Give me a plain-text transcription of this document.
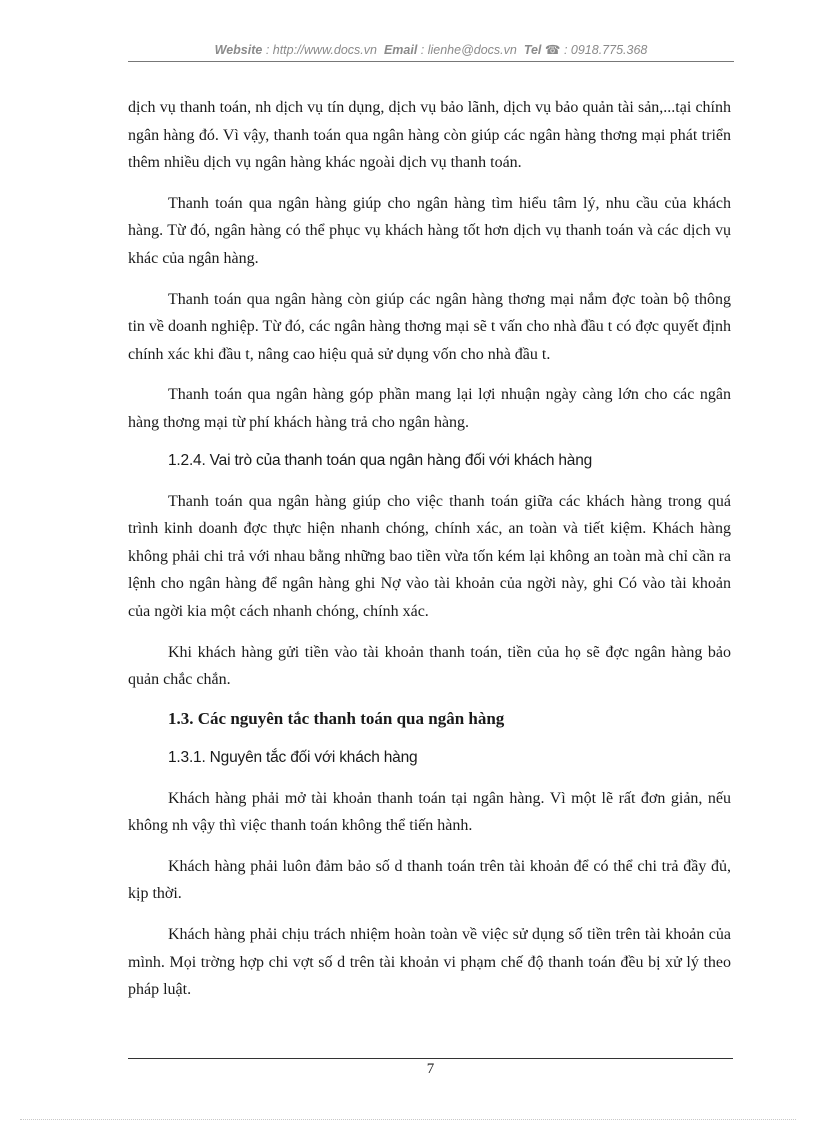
Website : http://www.docs.vn Email : lienhe@docs.vn Tel ☎ : 0918.775.368

dịch vụ thanh toán, nh dịch vụ tín dụng, dịch vụ bảo lãnh, dịch vụ bảo quản tài sản,...tại chính ngân hàng đó. Vì vậy, thanh toán qua ngân hàng còn giúp các ngân hàng thơng mại phát triển thêm nhiều dịch vụ ngân hàng khác ngoài dịch vụ thanh toán.

Thanh toán qua ngân hàng giúp cho ngân hàng tìm hiểu tâm lý, nhu cầu của khách hàng. Từ đó, ngân hàng có thể phục vụ khách hàng tốt hơn dịch vụ thanh toán và các dịch vụ khác của ngân hàng.

Thanh toán qua ngân hàng còn giúp các ngân hàng thơng mại nắm đợc toàn bộ thông tin về doanh nghiệp. Từ đó, các ngân hàng thơng mại sẽ t vấn cho nhà đầu t có đợc quyết định chính xác khi đầu t, nâng cao hiệu quả sử dụng vốn cho nhà đầu t.

Thanh toán qua ngân hàng góp phần mang lại lợi nhuận ngày càng lớn cho các ngân hàng thơng mại từ phí khách hàng trả cho ngân hàng.

1.2.4. Vai trò của thanh toán qua ngân hàng đối với khách hàng

Thanh toán qua ngân hàng giúp cho việc thanh toán giữa các khách hàng trong quá trình kinh doanh đợc thực hiện nhanh chóng, chính xác, an toàn và tiết kiệm. Khách hàng không phải chi trả với nhau bằng những bao tiền vừa tốn kém lại không an toàn mà chỉ cần ra lệnh cho ngân hàng để ngân hàng ghi Nợ vào tài khoản của ngời này, ghi Có vào tài khoản của ngời kia một cách nhanh chóng, chính xác.

Khi khách hàng gửi tiền vào tài khoản thanh toán, tiền của họ sẽ đợc ngân hàng bảo quản chắc chắn.

1.3. Các nguyên tắc thanh toán qua ngân hàng
1.3.1. Nguyên tắc đối với khách hàng

Khách hàng phải mở tài khoản thanh toán tại ngân hàng. Vì một lẽ rất đơn giản, nếu không nh vậy thì việc thanh toán không thể tiến hành.

Khách hàng phải luôn đảm bảo số d thanh toán trên tài khoản để có thể chi trả đầy đủ, kịp thời.

Khách hàng phải chịu trách nhiệm hoàn toàn về việc sử dụng số tiền trên tài khoản của mình. Mọi trờng hợp chi vợt số d trên tài khoản vi phạm chế độ thanh toán đều bị xử lý theo pháp luật.

7
